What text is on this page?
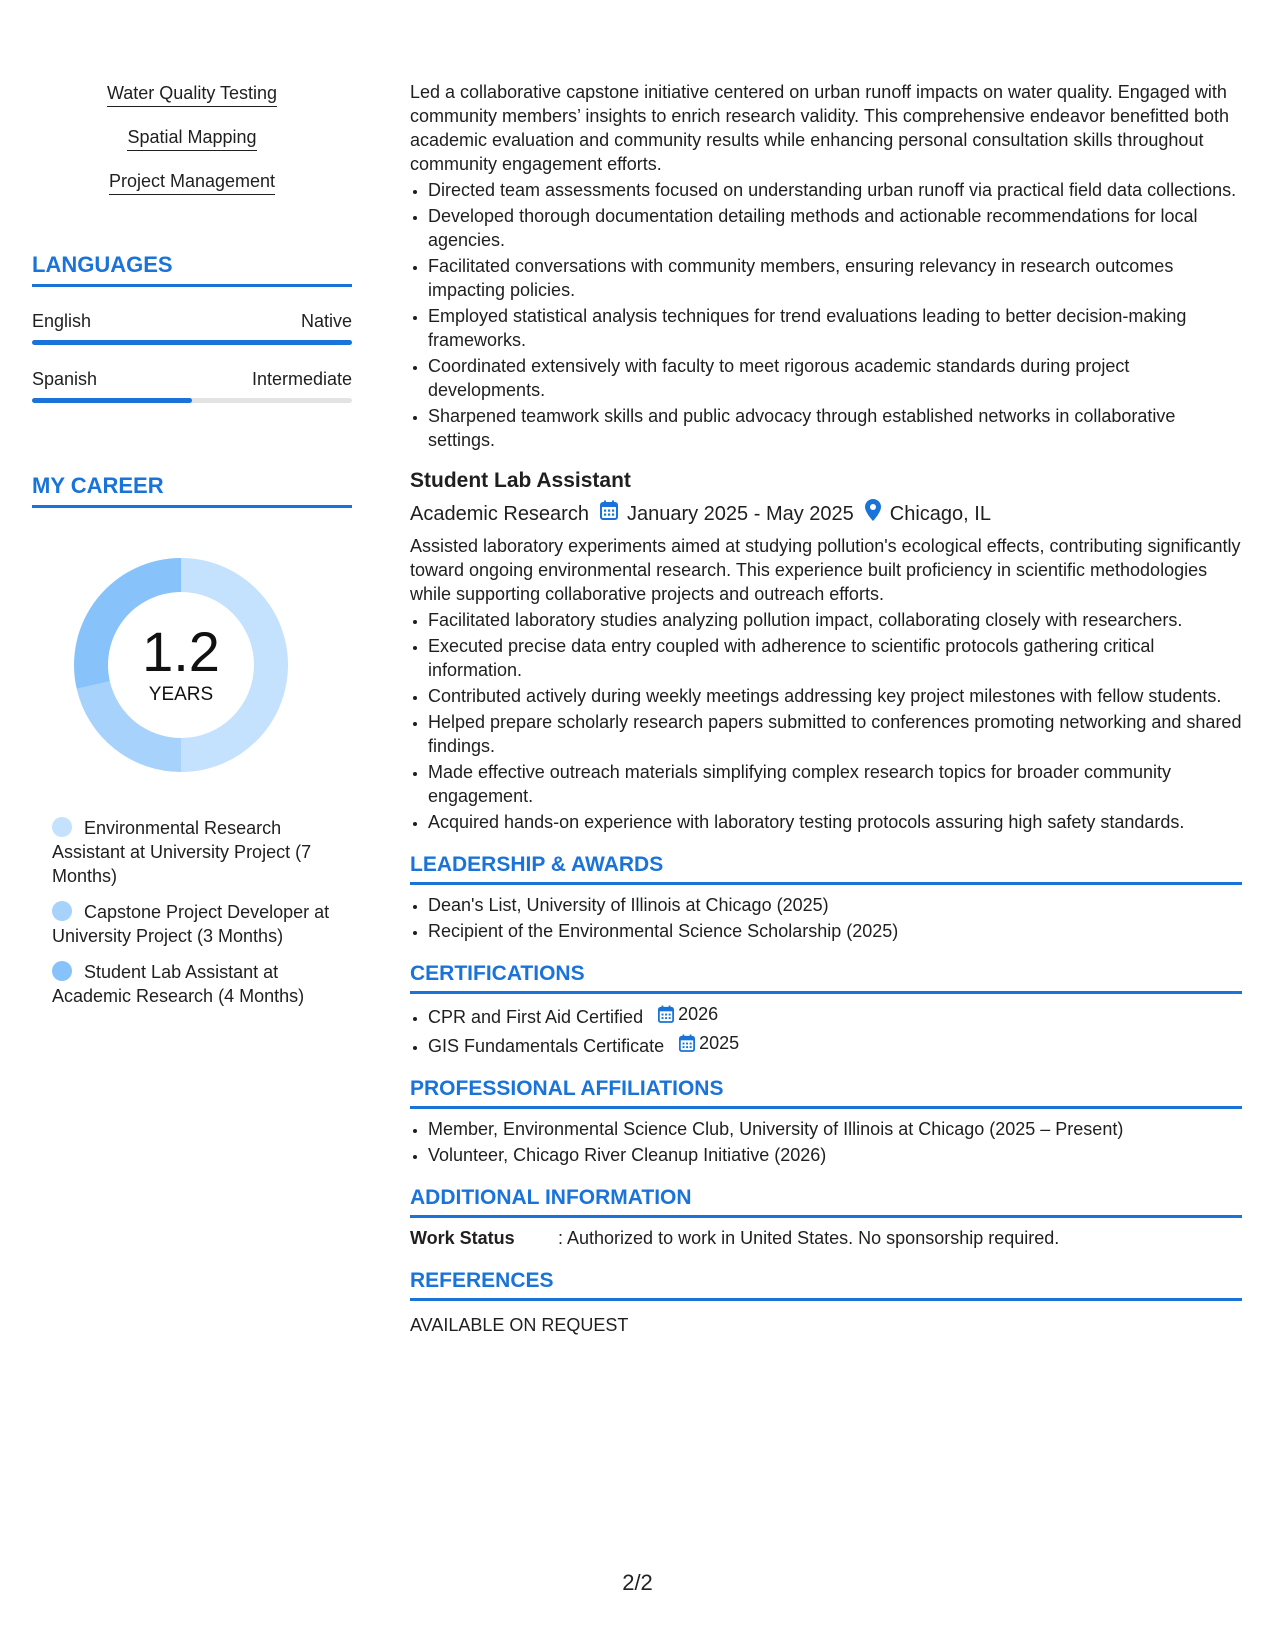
Water Quality Testing
Spatial Mapping
Project Management
LANGUAGES
English	Native
Spanish	Intermediate
MY CAREER
1.2
YEARS
Environmental Research Assistant at University Project (7 Months)
Capstone Project Developer at University Project (3 Months)
Student Lab Assistant at Academic Research (4 Months)

Led a collaborative capstone initiative centered on urban runoff impacts on water quality. Engaged with community members’ insights to enrich research validity. This comprehensive endeavor benefitted both academic evaluation and community results while enhancing personal consultation skills throughout community engagement efforts.

• Directed team assessments focused on understanding urban runoff via practical field data collections.
• Developed thorough documentation detailing methods and actionable recommendations for local agencies.
• Facilitated conversations with community members, ensuring relevancy in research outcomes impacting policies.
• Employed statistical analysis techniques for trend evaluations leading to better decision-making frameworks.
• Coordinated extensively with faculty to meet rigorous academic standards during project developments.
• Sharpened teamwork skills and public advocacy through established networks in collaborative settings.
Student Lab Assistant
Academic Research January 2025 - May 2025 Chicago, IL

Assisted laboratory experiments aimed at studying pollution's ecological effects, contributing significantly toward ongoing environmental research. This experience built proficiency in scientific methodologies while supporting collaborative projects and outreach efforts.

• Facilitated laboratory studies analyzing pollution impact, collaborating closely with researchers.
• Executed precise data entry coupled with adherence to scientific protocols gathering critical information.
• Contributed actively during weekly meetings addressing key project milestones with fellow students.
• Helped prepare scholarly research papers submitted to conferences promoting networking and shared findings.
• Made effective outreach materials simplifying complex research topics for broader community engagement.
• Acquired hands-on experience with laboratory testing protocols assuring high safety standards.
LEADERSHIP & AWARDS
• Dean's List, University of Illinois at Chicago (2025)
• Recipient of the Environmental Science Scholarship (2025)
CERTIFICATIONS
• CPR and First Aid Certified 2026
• GIS Fundamentals Certificate 2025
PROFESSIONAL AFFILIATIONS
• Member, Environmental Science Club, University of Illinois at Chicago (2025 – Present)
• Volunteer, Chicago River Cleanup Initiative (2026)
ADDITIONAL INFORMATION
Work Status	: Authorized to work in United States. No sponsorship required.
REFERENCES

AVAILABLE ON REQUEST

2/2
